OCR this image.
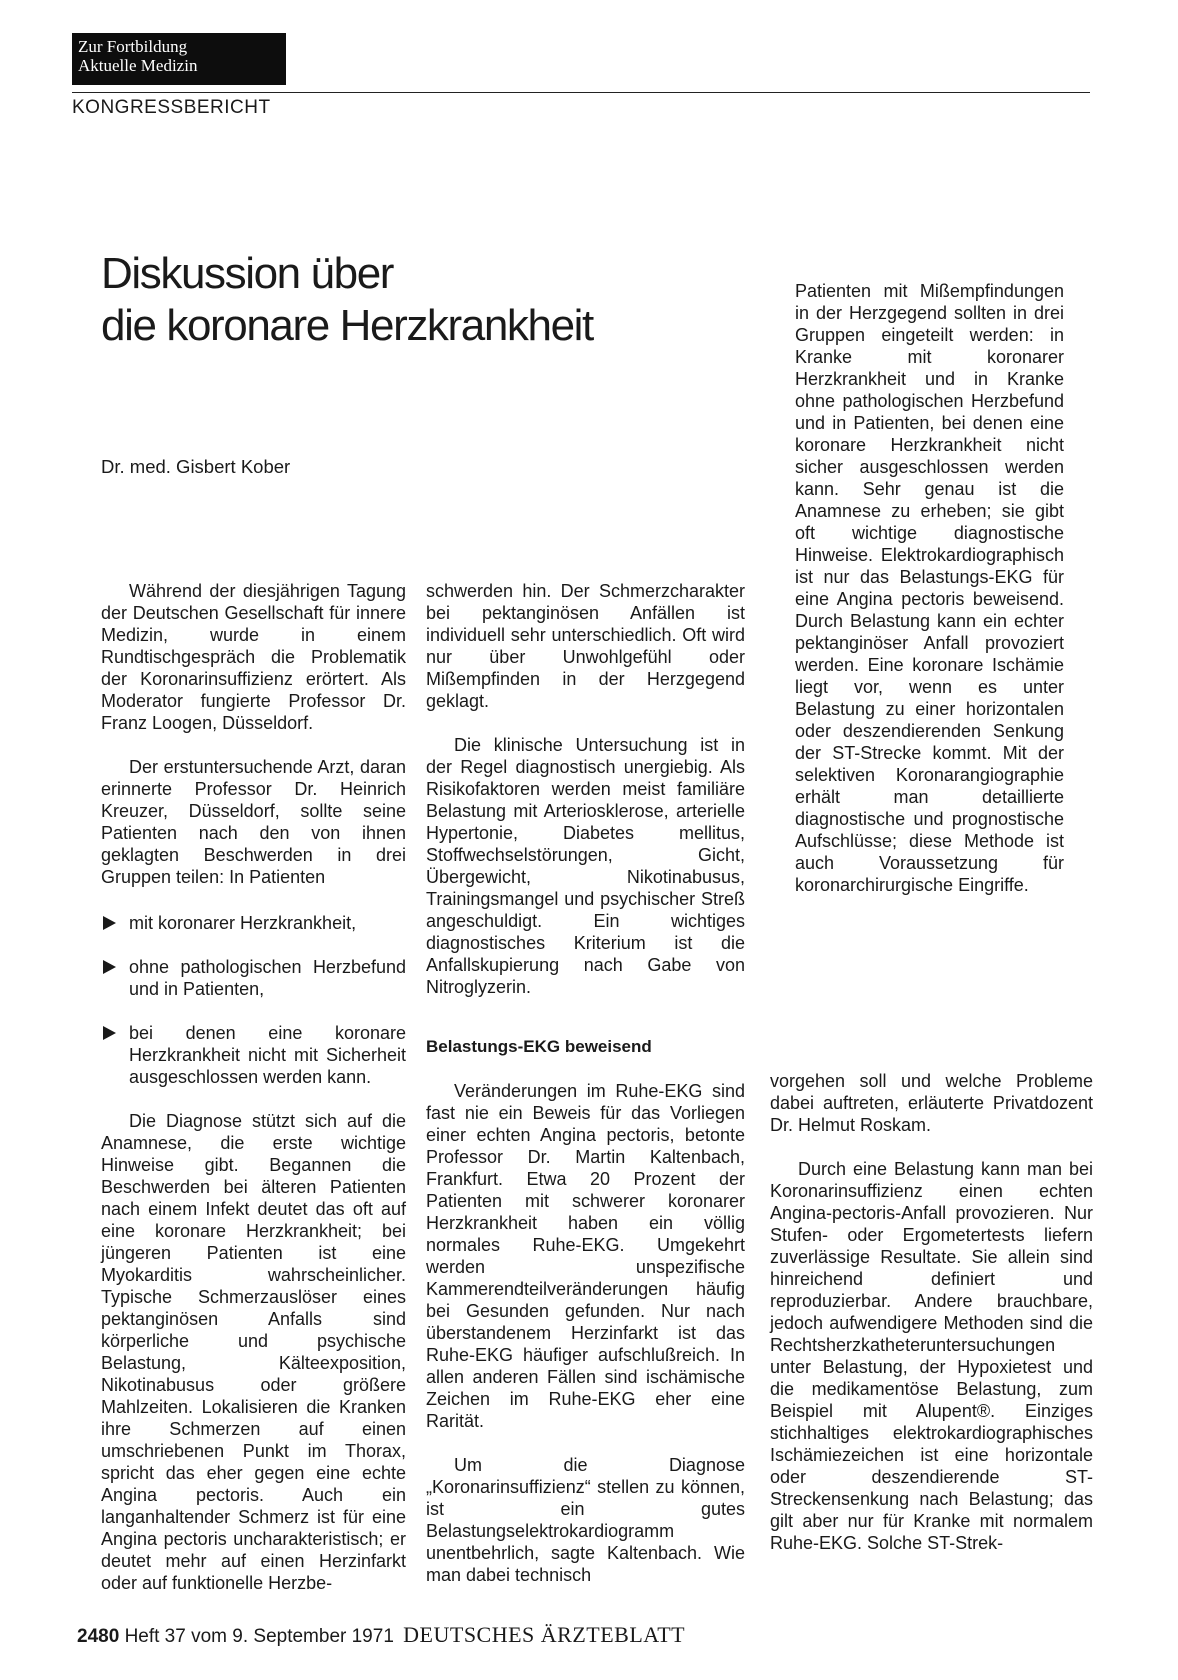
Zur Fortbildung
Aktuelle Medizin
KONGRESSBERICHT
Diskussion über
die koronare Herzkrankheit
Dr. med. Gisbert Kober

Während der diesjährigen Tagung der Deutschen Gesellschaft für innere Medizin, wurde in einem Rundtischgespräch die Problematik der Koronarinsuffizienz erörtert. Als Moderator fungierte Professor Dr. Franz Loogen, Düsseldorf.

Der erstuntersuchende Arzt, daran erinnerte Professor Dr. Heinrich Kreuzer, Düsseldorf, sollte seine Patienten nach den von ihnen geklagten Beschwerden in drei Gruppen teilen: In Patienten

mit koronarer Herzkrankheit,
ohne pathologischen Herzbefund und in Patienten,
bei denen eine koronare Herzkrankheit nicht mit Sicherheit ausgeschlossen werden kann.

Die Diagnose stützt sich auf die Anamnese, die erste wichtige Hinweise gibt. Begannen die Beschwerden bei älteren Patienten nach einem Infekt deutet das oft auf eine koronare Herzkrankheit; bei jüngeren Patienten ist eine Myokarditis wahrscheinlicher. Typische Schmerzauslöser eines pektanginösen Anfalls sind körperliche und psychische Belastung, Kälteexposition, Nikotinabusus oder größere Mahlzeiten. Lokalisieren die Kranken ihre Schmerzen auf einen umschriebenen Punkt im Thorax, spricht das eher gegen eine echte Angina pectoris. Auch ein langanhaltender Schmerz ist für eine Angina pectoris uncharakteristisch; er deutet mehr auf einen Herzinfarkt oder auf funktionelle Herzbe-

schwerden hin. Der Schmerzcharakter bei pektanginösen Anfällen ist individuell sehr unterschiedlich. Oft wird nur über Unwohlgefühl oder Mißempfinden in der Herzgegend geklagt.

Die klinische Untersuchung ist in der Regel diagnostisch unergiebig. Als Risikofaktoren werden meist familiäre Belastung mit Arteriosklerose, arterielle Hypertonie, Diabetes mellitus, Stoffwechselstörungen, Gicht, Übergewicht, Nikotinabusus, Trainingsmangel und psychischer Streß angeschuldigt. Ein wichtiges diagnostisches Kriterium ist die Anfallskupierung nach Gabe von Nitroglyzerin.

Belastungs-EKG beweisend

Veränderungen im Ruhe-EKG sind fast nie ein Beweis für das Vorliegen einer echten Angina pectoris, betonte Professor Dr. Martin Kaltenbach, Frankfurt. Etwa 20 Prozent der Patienten mit schwerer koronarer Herzkrankheit haben ein völlig normales Ruhe-EKG. Umgekehrt werden unspezifische Kammerendteilveränderungen häufig bei Gesunden gefunden. Nur nach überstandenem Herzinfarkt ist das Ruhe-EKG häufiger aufschlußreich. In allen anderen Fällen sind ischämische Zeichen im Ruhe-EKG eher eine Rarität.

Um die Diagnose „Koronarinsuffizienz“ stellen zu können, ist ein gutes Belastungselektrokardiogramm unentbehrlich, sagte Kaltenbach. Wie man dabei technisch

Patienten mit Mißempfindungen in der Herzgegend sollten in drei Gruppen eingeteilt werden: in Kranke mit koronarer Herzkrankheit und in Kranke ohne pathologischen Herzbefund und in Patienten, bei denen eine koronare Herzkrankheit nicht sicher ausgeschlossen werden kann. Sehr genau ist die Anamnese zu erheben; sie gibt oft wichtige diagnostische Hinweise. Elektrokardiographisch ist nur das Belastungs-EKG für eine Angina pectoris beweisend. Durch Belastung kann ein echter pektanginöser Anfall provoziert werden. Eine koronare Ischämie liegt vor, wenn es unter Belastung zu einer horizontalen oder deszendierenden Senkung der ST-Strecke kommt. Mit der selektiven Koronarangiographie erhält man detaillierte diagnostische und prognostische Aufschlüsse; diese Methode ist auch Voraussetzung für koronarchirurgische Eingriffe.

vorgehen soll und welche Probleme dabei auftreten, erläuterte Privatdozent Dr. Helmut Roskam.

Durch eine Belastung kann man bei Koronarinsuffizienz einen echten Angina-pectoris-Anfall provozieren. Nur Stufen- oder Ergometertests liefern zuverlässige Resultate. Sie allein sind hinreichend definiert und reproduzierbar. Andere brauchbare, jedoch aufwendigere Methoden sind die Rechtsherzkatheteruntersuchungen unter Belastung, der Hypoxietest und die medikamentöse Belastung, zum Beispiel mit Alupent®. Einziges stichhaltiges elektrokardiographisches Ischämiezeichen ist eine horizontale oder deszendierende ST-Streckensenkung nach Belastung; das gilt aber nur für Kranke mit normalem Ruhe-EKG. Solche ST-Strek-

2480 Heft 37 vom 9. September 1971 DEUTSCHES ÄRZTEBLATT
